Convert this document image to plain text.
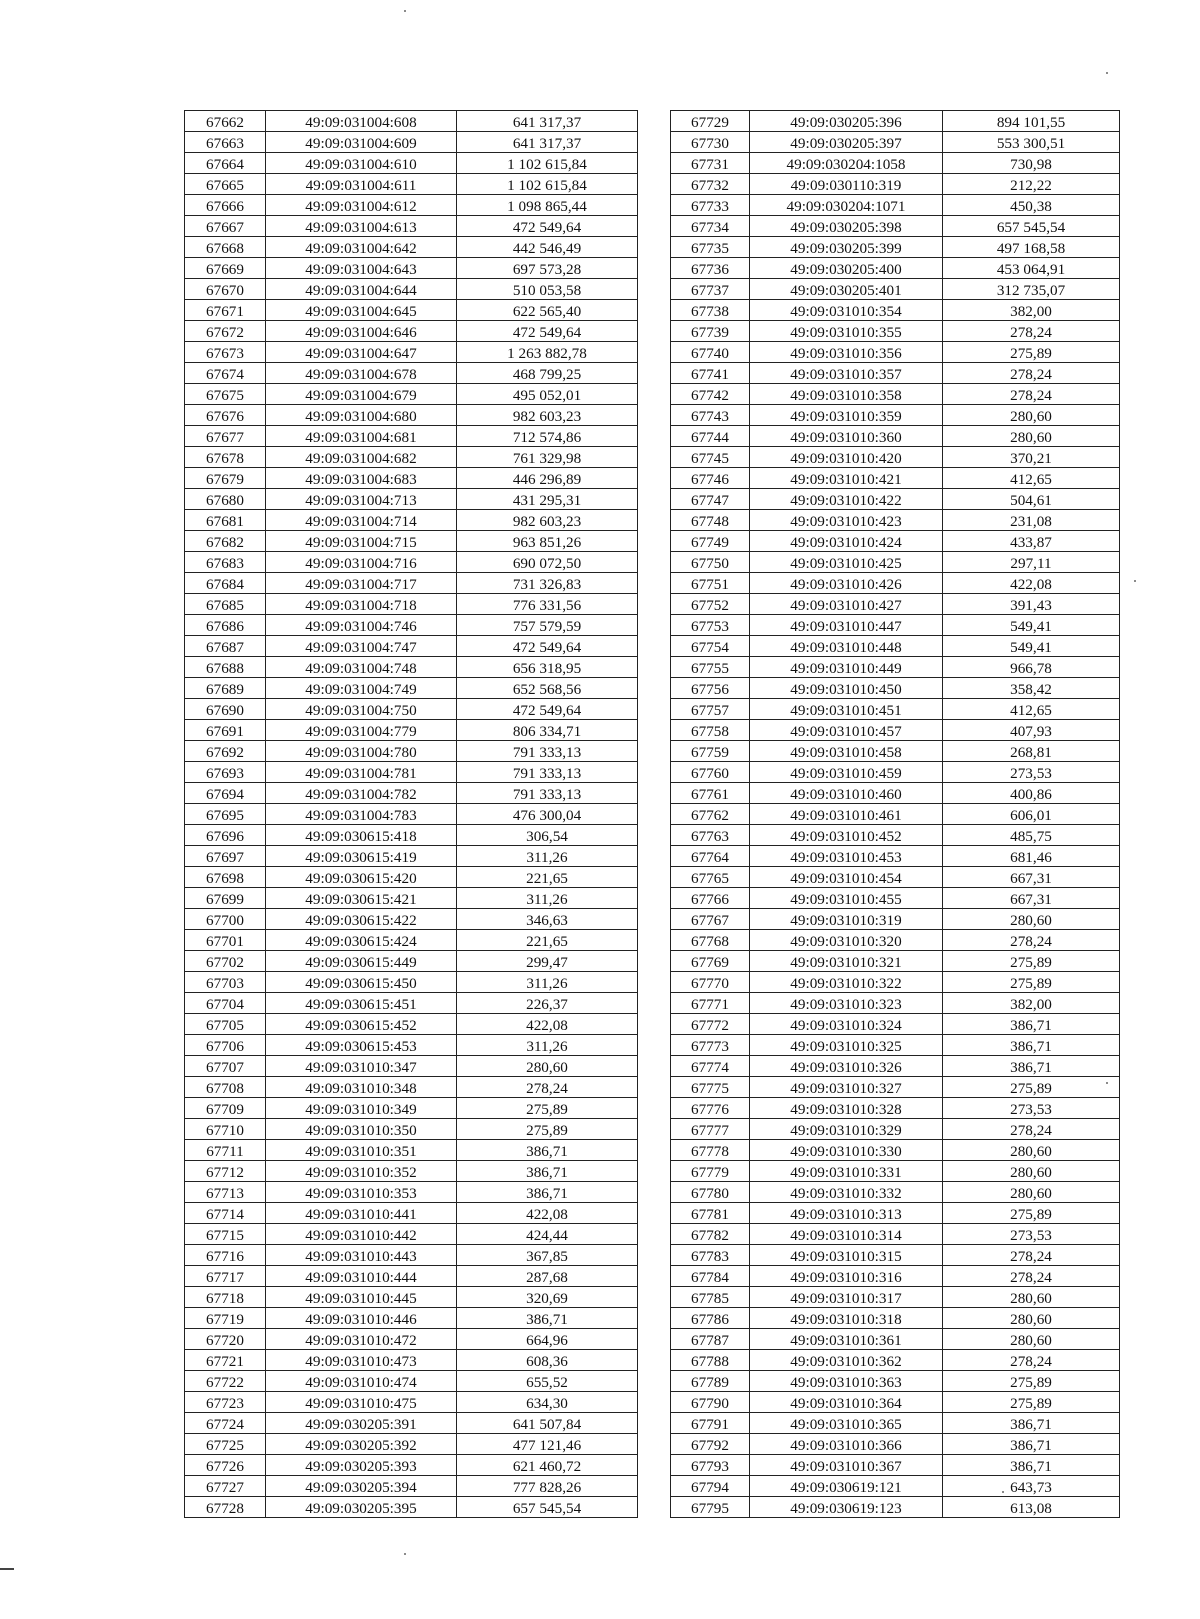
67662	49:09:031004:608	641 317,37
67663	49:09:031004:609	641 317,37
67664	49:09:031004:610	1 102 615,84
67665	49:09:031004:611	1 102 615,84
67666	49:09:031004:612	1 098 865,44
67667	49:09:031004:613	472 549,64
67668	49:09:031004:642	442 546,49
67669	49:09:031004:643	697 573,28
67670	49:09:031004:644	510 053,58
67671	49:09:031004:645	622 565,40
67672	49:09:031004:646	472 549,64
67673	49:09:031004:647	1 263 882,78
67674	49:09:031004:678	468 799,25
67675	49:09:031004:679	495 052,01
67676	49:09:031004:680	982 603,23
67677	49:09:031004:681	712 574,86
67678	49:09:031004:682	761 329,98
67679	49:09:031004:683	446 296,89
67680	49:09:031004:713	431 295,31
67681	49:09:031004:714	982 603,23
67682	49:09:031004:715	963 851,26
67683	49:09:031004:716	690 072,50
67684	49:09:031004:717	731 326,83
67685	49:09:031004:718	776 331,56
67686	49:09:031004:746	757 579,59
67687	49:09:031004:747	472 549,64
67688	49:09:031004:748	656 318,95
67689	49:09:031004:749	652 568,56
67690	49:09:031004:750	472 549,64
67691	49:09:031004:779	806 334,71
67692	49:09:031004:780	791 333,13
67693	49:09:031004:781	791 333,13
67694	49:09:031004:782	791 333,13
67695	49:09:031004:783	476 300,04
67696	49:09:030615:418	306,54
67697	49:09:030615:419	311,26
67698	49:09:030615:420	221,65
67699	49:09:030615:421	311,26
67700	49:09:030615:422	346,63
67701	49:09:030615:424	221,65
67702	49:09:030615:449	299,47
67703	49:09:030615:450	311,26
67704	49:09:030615:451	226,37
67705	49:09:030615:452	422,08
67706	49:09:030615:453	311,26
67707	49:09:031010:347	280,60
67708	49:09:031010:348	278,24
67709	49:09:031010:349	275,89
67710	49:09:031010:350	275,89
67711	49:09:031010:351	386,71
67712	49:09:031010:352	386,71
67713	49:09:031010:353	386,71
67714	49:09:031010:441	422,08
67715	49:09:031010:442	424,44
67716	49:09:031010:443	367,85
67717	49:09:031010:444	287,68
67718	49:09:031010:445	320,69
67719	49:09:031010:446	386,71
67720	49:09:031010:472	664,96
67721	49:09:031010:473	608,36
67722	49:09:031010:474	655,52
67723	49:09:031010:475	634,30
67724	49:09:030205:391	641 507,84
67725	49:09:030205:392	477 121,46
67726	49:09:030205:393	621 460,72
67727	49:09:030205:394	777 828,26
67728	49:09:030205:395	657 545,54
67729	49:09:030205:396	894 101,55
67730	49:09:030205:397	553 300,51
67731	49:09:030204:1058	730,98
67732	49:09:030110:319	212,22
67733	49:09:030204:1071	450,38
67734	49:09:030205:398	657 545,54
67735	49:09:030205:399	497 168,58
67736	49:09:030205:400	453 064,91
67737	49:09:030205:401	312 735,07
67738	49:09:031010:354	382,00
67739	49:09:031010:355	278,24
67740	49:09:031010:356	275,89
67741	49:09:031010:357	278,24
67742	49:09:031010:358	278,24
67743	49:09:031010:359	280,60
67744	49:09:031010:360	280,60
67745	49:09:031010:420	370,21
67746	49:09:031010:421	412,65
67747	49:09:031010:422	504,61
67748	49:09:031010:423	231,08
67749	49:09:031010:424	433,87
67750	49:09:031010:425	297,11
67751	49:09:031010:426	422,08
67752	49:09:031010:427	391,43
67753	49:09:031010:447	549,41
67754	49:09:031010:448	549,41
67755	49:09:031010:449	966,78
67756	49:09:031010:450	358,42
67757	49:09:031010:451	412,65
67758	49:09:031010:457	407,93
67759	49:09:031010:458	268,81
67760	49:09:031010:459	273,53
67761	49:09:031010:460	400,86
67762	49:09:031010:461	606,01
67763	49:09:031010:452	485,75
67764	49:09:031010:453	681,46
67765	49:09:031010:454	667,31
67766	49:09:031010:455	667,31
67767	49:09:031010:319	280,60
67768	49:09:031010:320	278,24
67769	49:09:031010:321	275,89
67770	49:09:031010:322	275,89
67771	49:09:031010:323	382,00
67772	49:09:031010:324	386,71
67773	49:09:031010:325	386,71
67774	49:09:031010:326	386,71
67775	49:09:031010:327	275,89
67776	49:09:031010:328	273,53
67777	49:09:031010:329	278,24
67778	49:09:031010:330	280,60
67779	49:09:031010:331	280,60
67780	49:09:031010:332	280,60
67781	49:09:031010:313	275,89
67782	49:09:031010:314	273,53
67783	49:09:031010:315	278,24
67784	49:09:031010:316	278,24
67785	49:09:031010:317	280,60
67786	49:09:031010:318	280,60
67787	49:09:031010:361	280,60
67788	49:09:031010:362	278,24
67789	49:09:031010:363	275,89
67790	49:09:031010:364	275,89
67791	49:09:031010:365	386,71
67792	49:09:031010:366	386,71
67793	49:09:031010:367	386,71
67794	49:09:030619:121	643,73
67795	49:09:030619:123	613,08
